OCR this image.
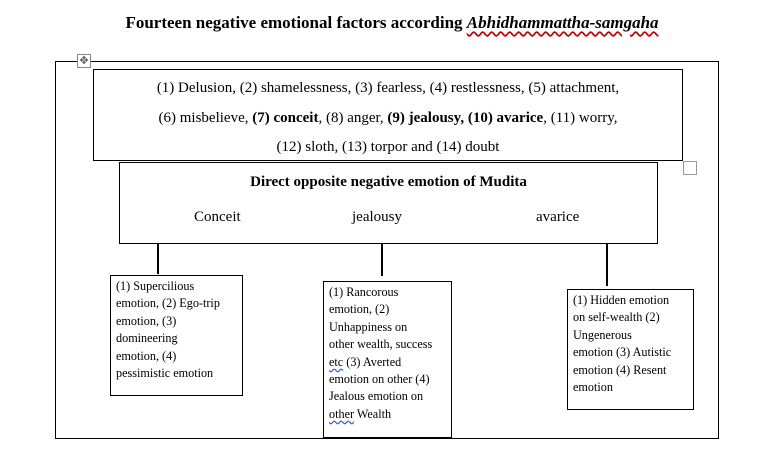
Fourteen negative emotional factors according Abhidhammattha-samgaha
✥
(1) Delusion, (2) shamelessness, (3) fearless, (4) restlessness, (5) attachment,
(6) misbelieve, (7) conceit, (8) anger, (9) jealousy, (10) avarice, (11) worry,
(12) sloth, (13) torpor and (14) doubt
Direct opposite negative emotion of Mudita
Conceit	jealousy	avarice
(1) Supercilious
emotion, (2) Ego-trip
emotion, (3)
domineering
emotion, (4)
pessimistic emotion
(1) Rancorous
emotion, (2)
Unhappiness on
other wealth, success
etc (3) Averted
emotion on other (4)
Jealous emotion on
other Wealth
(1) Hidden emotion
on self-wealth (2)
Ungenerous
emotion (3) Autistic
emotion (4) Resent
emotion
